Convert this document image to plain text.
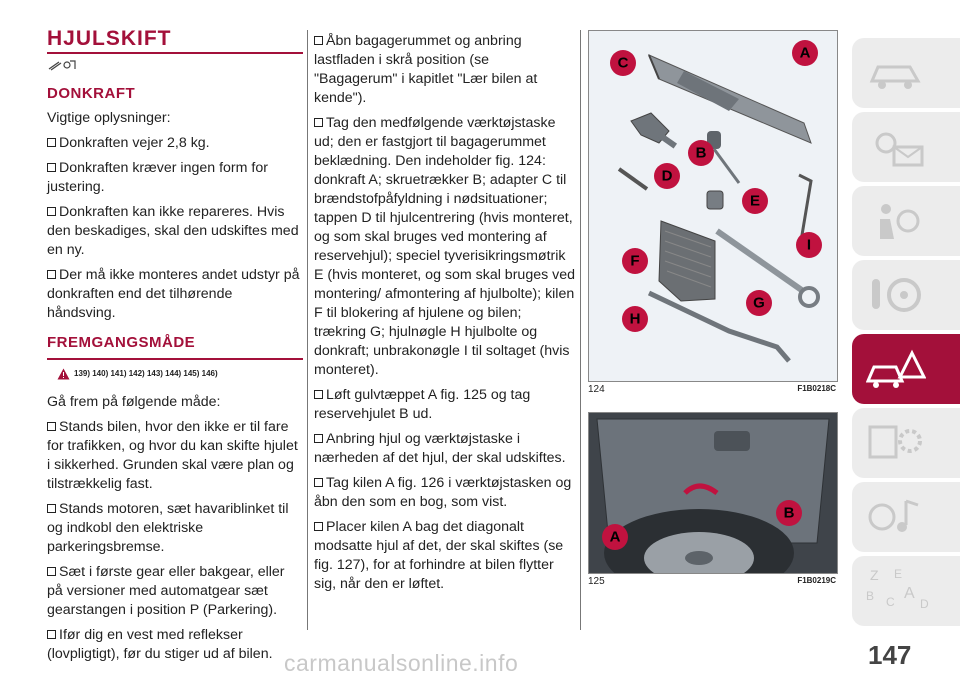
HJULSKIFT
DONKRAFT

Vigtige oplysninger:

Donkraften vejer 2,8 kg.

Donkraften kræver ingen form for justering.

Donkraften kan ikke repareres. Hvis den beskadiges, skal den udskiftes med en ny.

Der må ikke monteres andet udstyr på donkraften end det tilhørende håndsving.

FREMGANGSMÅDE
139) 140) 141) 142) 143) 144) 145) 146)

Gå frem på følgende måde:

Stands bilen, hvor den ikke er til fare for trafikken, og hvor du kan skifte hjulet i sikkerhed. Grunden skal være plan og tilstrækkelig fast.

Stands motoren, sæt havariblinket til og indkobl den elektriske parkeringsbremse.

Sæt i første gear eller bakgear, eller på versioner med automatgear sæt gearstangen i position P (Parkering).

Ifør dig en vest med reflekser (lovpligtigt), før du stiger ud af bilen.

Åbn bagagerummet og anbring lastfladen i skrå position (se "Bagagerum" i kapitlet "Lær bilen at kende").

Tag den medfølgende værktøjstaske ud; den er fastgjort til bagagerummet beklædning. Den indeholder fig. 124: donkraft A; skruetrækker B; adapter C til brændstofpåfyldning i nødsituationer; tappen D til hjulcentrering (hvis monteret, og som skal bruges ved montering af reservehjul); speciel tyverisikringsmøtrik E (hvis monteret, og som skal bruges ved montering/ afmontering af hjulbolte); kilen F til blokering af hjulene og bilen; trækring G; hjulnøgle H hjulbolte og donkraft; unbrakonøgle I til soltaget (hvis monteret).

Løft gulvtæppet A fig. 125 og tag reservehjulet B ud.

Anbring hjul og værktøjstaske i nærheden af det hjul, der skal udskiftes.

Tag kilen A fig. 126 i værktøjstasken og åbn den som en bog, som vist.

Placer kilen A bag det diagonalt modsatte hjul af det, der skal skiftes (se fig. 127), for at forhindre at bilen flytter sig, når den er løftet.

C
A
B
D
E
F
I
G
H
124	F1B0218C
B
A
125	F1B0219C Z E
B C A
D
147
carmanualsonline.info
